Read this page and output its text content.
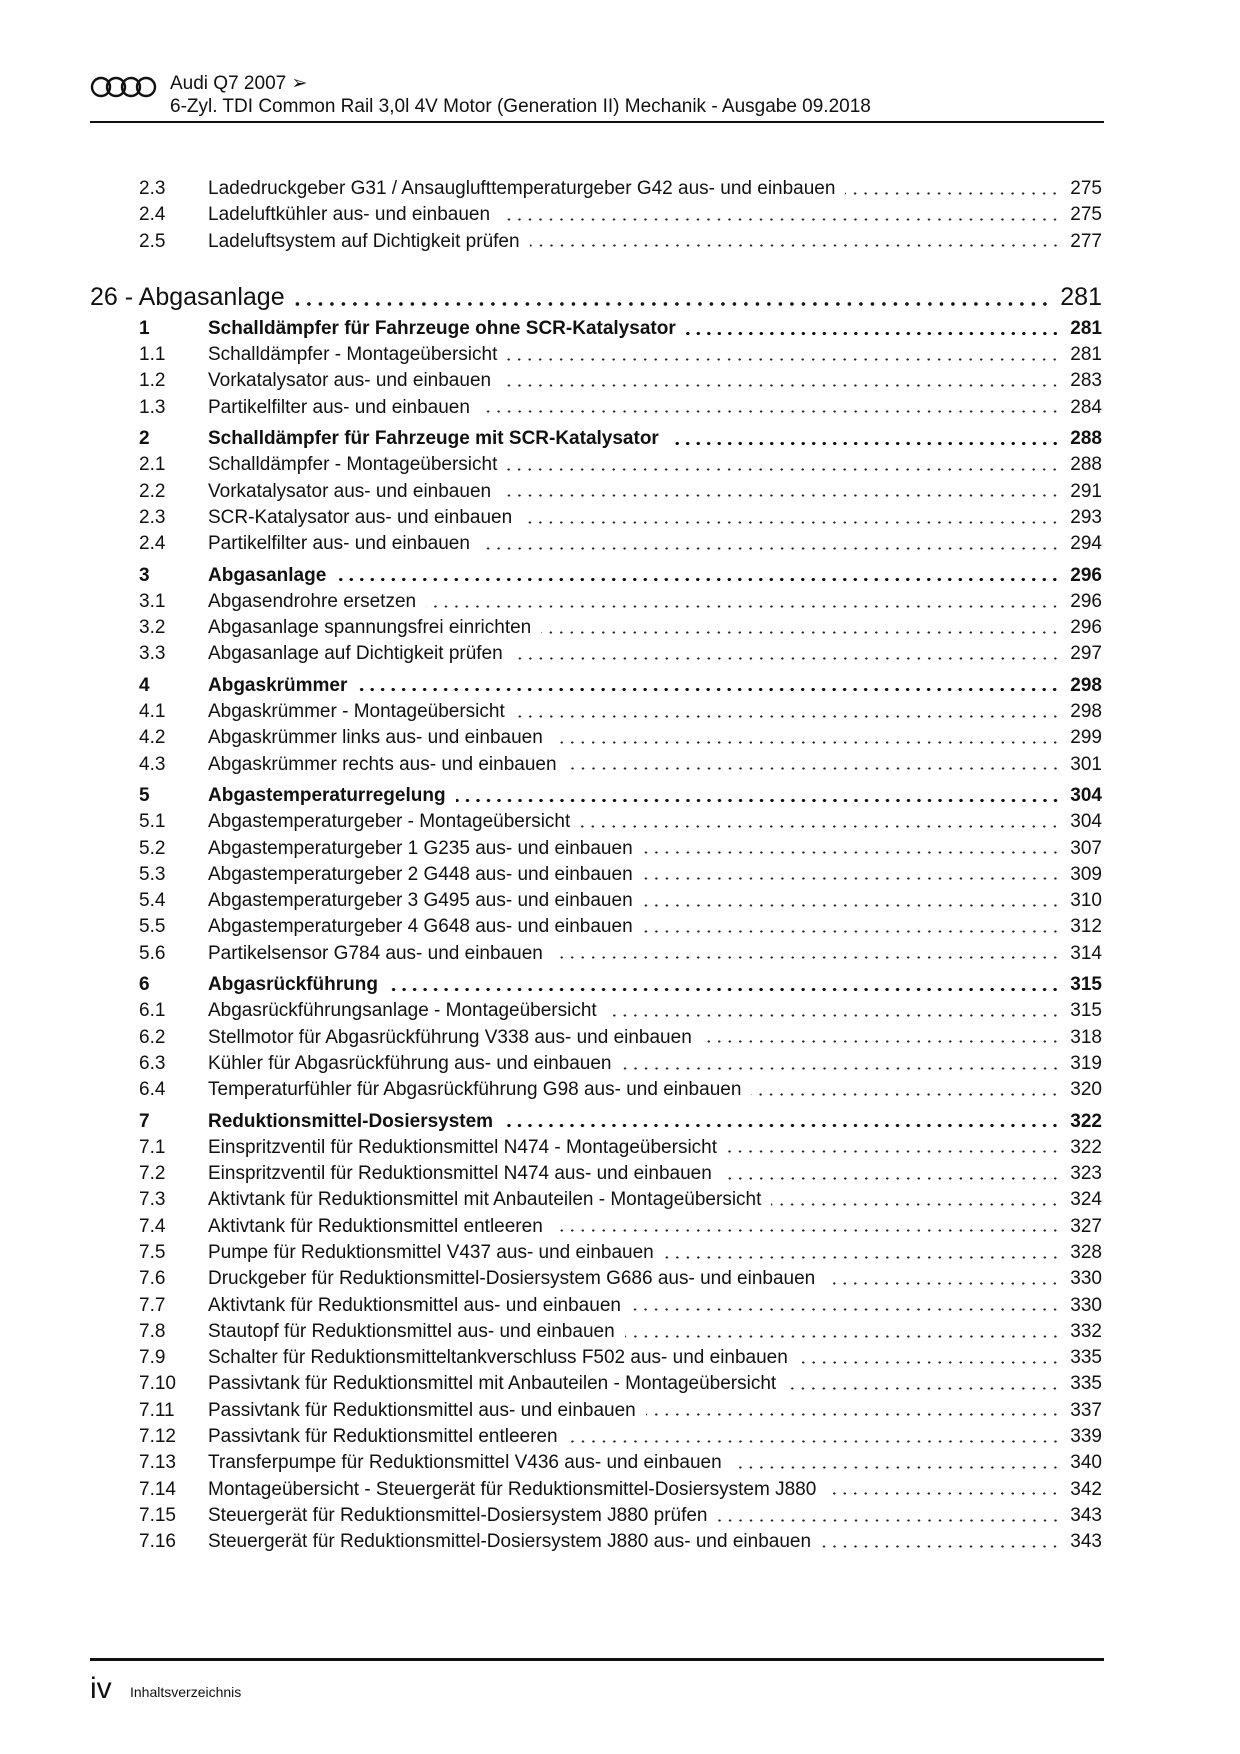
Audi Q7 2007 ➢
6-Zyl. TDI Common Rail 3,0l 4V Motor (Generation II) Mechanik - Ausgabe 09.2018
2.3	Ladedruckgeber G31 / Ansauglufttemperaturgeber G42 aus- und einbauen	275
2.4	Ladeluftkühler aus- und einbauen	275
2.5	Ladeluftsystem auf Dichtigkeit prüfen	277
26 - Abgasanlage	281
1	Schalldämpfer für Fahrzeuge ohne SCR-Katalysator	281
1.1	Schalldämpfer - Montageübersicht	281
1.2	Vorkatalysator aus- und einbauen	283
1.3	Partikelfilter aus- und einbauen	284
2	Schalldämpfer für Fahrzeuge mit SCR-Katalysator	288
2.1	Schalldämpfer - Montageübersicht	288
2.2	Vorkatalysator aus- und einbauen	291
2.3	SCR-Katalysator aus- und einbauen	293
2.4	Partikelfilter aus- und einbauen	294
3	Abgasanlage	296
3.1	Abgasendrohre ersetzen	296
3.2	Abgasanlage spannungsfrei einrichten	296
3.3	Abgasanlage auf Dichtigkeit prüfen	297
4	Abgaskrümmer	298
4.1	Abgaskrümmer - Montageübersicht	298
4.2	Abgaskrümmer links aus- und einbauen	299
4.3	Abgaskrümmer rechts aus- und einbauen	301
5	Abgastemperaturregelung	304
5.1	Abgastemperaturgeber - Montageübersicht	304
5.2	Abgastemperaturgeber 1 G235 aus- und einbauen	307
5.3	Abgastemperaturgeber 2 G448 aus- und einbauen	309
5.4	Abgastemperaturgeber 3 G495 aus- und einbauen	310
5.5	Abgastemperaturgeber 4 G648 aus- und einbauen	312
5.6	Partikelsensor G784 aus- und einbauen	314
6	Abgasrückführung	315
6.1	Abgasrückführungsanlage - Montageübersicht	315
6.2	Stellmotor für Abgasrückführung V338 aus- und einbauen	318
6.3	Kühler für Abgasrückführung aus- und einbauen	319
6.4	Temperaturfühler für Abgasrückführung G98 aus- und einbauen	320
7	Reduktionsmittel-Dosiersystem	322
7.1	Einspritzventil für Reduktionsmittel N474 - Montageübersicht	322
7.2	Einspritzventil für Reduktionsmittel N474 aus- und einbauen	323
7.3	Aktivtank für Reduktionsmittel mit Anbauteilen - Montageübersicht	324
7.4	Aktivtank für Reduktionsmittel entleeren	327
7.5	Pumpe für Reduktionsmittel V437 aus- und einbauen	328
7.6	Druckgeber für Reduktionsmittel-Dosiersystem G686 aus- und einbauen	330
7.7	Aktivtank für Reduktionsmittel aus- und einbauen	330
7.8	Stautopf für Reduktionsmittel aus- und einbauen	332
7.9	Schalter für Reduktionsmitteltankverschluss F502 aus- und einbauen	335
7.10	Passivtank für Reduktionsmittel mit Anbauteilen - Montageübersicht	335
7.11	Passivtank für Reduktionsmittel aus- und einbauen	337
7.12	Passivtank für Reduktionsmittel entleeren	339
7.13	Transferpumpe für Reduktionsmittel V436 aus- und einbauen	340
7.14	Montageübersicht - Steuergerät für Reduktionsmittel-Dosiersystem J880	342
7.15	Steuergerät für Reduktionsmittel-Dosiersystem J880 prüfen	343
7.16	Steuergerät für Reduktionsmittel-Dosiersystem J880 aus- und einbauen	343
iv Inhaltsverzeichnis
